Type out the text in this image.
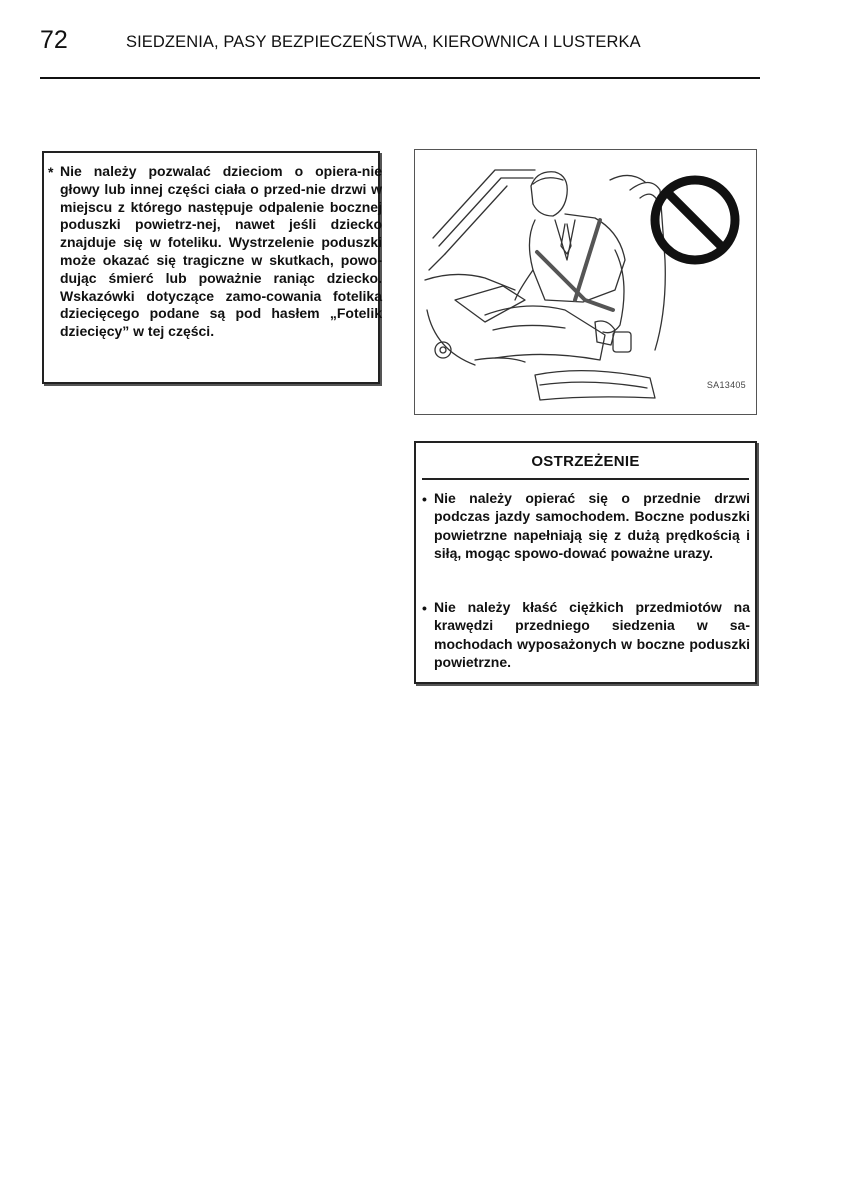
72	SIEDZENIA, PASY BEZPIECZEŃSTWA, KIEROWNICA I LUSTERKA
* Nie należy pozwalać dzieciom o opiera-nie głowy lub innej części ciała o przed-nie drzwi w miejscu z którego następuje odpalenie bocznej poduszki powietrz-nej, nawet jeśli dziecko znajduje się w foteliku. Wystrzelenie poduszki może okazać się tragiczne w skutkach, powo-dując śmierć lub poważnie raniąc dziecko. Wskazówki dotyczące zamo-cowania fotelika dziecięcego podane są pod hasłem „Fotelik dziecięcy” w tej części.
SA13405
OSTRZEŻENIE
• Nie należy opierać się o przednie drzwi podczas jazdy samochodem. Boczne poduszki powietrzne napełniają się z dużą prędkością i siłą, mogąc spowo-dować poważne urazy.
• Nie należy kłaść ciężkich przedmiotów na krawędzi przedniego siedzenia w sa-mochodach wyposażonych w boczne poduszki powietrzne.
